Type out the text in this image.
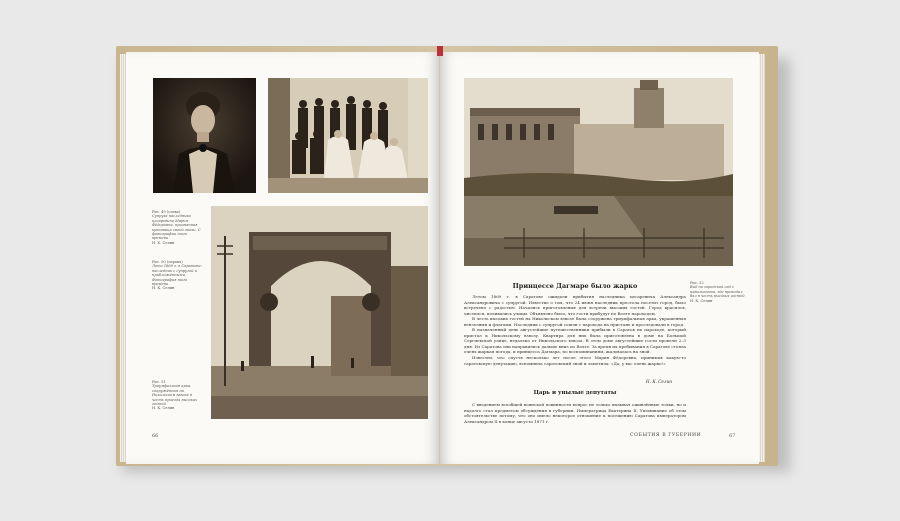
Рис. 49 (слева)
Супруга наследника цесаревича Мария Фёдоровна, признанная красавица своей эпохи. С фотографии того времени
Н. К. Селин
Рис. 50 (справа)
Лето 1869 г. в Саратове: наследник с супругой и приближёнными. Фотография того времени
Н. К. Селин
Рис. 51
Триумфальная арка, сооружённая на Никольском взвозе в честь приезда высоких гостей
Н. К. Селин
66
Рис. 52
Вид на городской сад с павильонами, где проходил бал в честь высоких гостей
Н. К. Селин
Принцессе Дагмаре было жарко

Летом 1869 г. в Саратове ожидали прибытия наследника цесаревича Александра Александровича с супругой. Известие о том, что 24 июня наследник престола посетит город, было встречено с радостью. Начались приготовления для встречи высоких гостей. Город красился, чистился, поливались улицы. Объявлено было, что гости прибудут по Волге пароходом.

В честь высоких гостей на Никольском взвозе была сооружена триумфальная арка, украшенная вензелями и флагами. Наследник с супругой сошли с парохода на пристань и проследовали в город.

В назначенный день августейшие путешественники прибыли в Саратов на пароходе, который пристал к Никольскому взвозу. Квартира для них была приготовлена в доме на Большой Сергиевской улице, недалеко от Никольского взвоза. В этом доме августейшие гости провели 2–3 дня. Из Саратова они направились дальше вниз по Волге. За время их пребывания в Саратове стояла очень жаркая погода, и принцесса Дагмара, по воспоминаниям, жаловалась на зной.

Известно, что спустя несколько лет после этого Мария Фёдоровна, принимая какую-то саратовскую депутацию, вспомнила саратовский зной и заметила: «Да, у вас очень жарко!»

Н. К. Селин
Царь и унылые депутаты

С введением всеобщей воинской повинности вопрос не только вызывал оживлённые толки, но и надолго стал предметом обсуждения в губернии. Императрица Екатерина II. Упоминание об этом обстоятельстве потому, что оно имело некоторое отношение к посещению Саратова императором Александром II в конце августа 1871 г.

СОБЫТИЯ В ГУБЕРНИИ	67
